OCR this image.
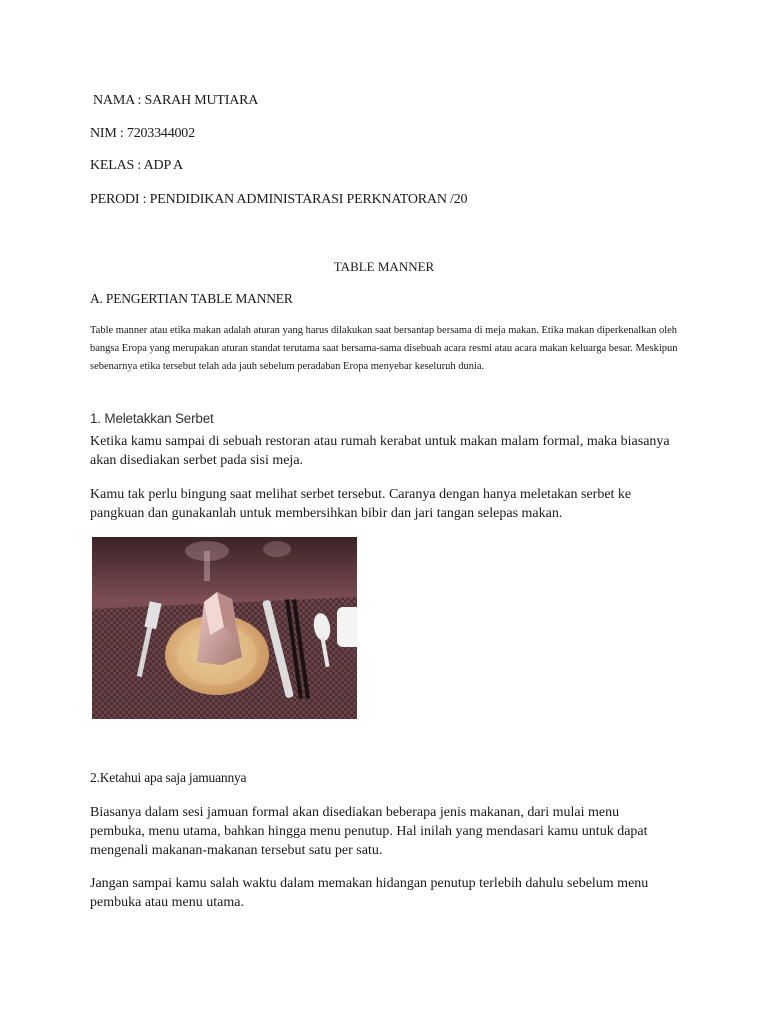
NAMA : SARAH MUTIARA
NIM : 7203344002
KELAS : ADP A
PERODI : PENDIDIKAN ADMINISTARASI PERKNATORAN /20
TABLE MANNER
A. PENGERTIAN TABLE MANNER
Table manner atau etika makan adalah aturan yang harus dilakukan saat bersantap bersama di meja makan. Etika makan diperkenalkan oleh bangsa Eropa yang merupakan aturan standat terutama saat bersama-sama disebuah acara resmi atau acara makan keluarga besar. Meskipun sebenarnya etika tersebut telah ada jauh sebelum peradaban Eropa menyebar keseluruh dunia.
1. Meletakkan Serbet
Ketika kamu sampai di sebuah restoran atau rumah kerabat untuk makan malam formal, maka biasanya akan disediakan serbet pada sisi meja.
Kamu tak perlu bingung saat melihat serbet tersebut. Caranya dengan hanya meletakan serbet ke pangkuan dan gunakanlah untuk membersihkan bibir dan jari tangan selepas makan.
2.Ketahui apa saja jamuannya
Biasanya dalam sesi jamuan formal akan disediakan beberapa jenis makanan, dari mulai menu pembuka, menu utama, bahkan hingga menu penutup. Hal inilah yang mendasari kamu untuk dapat mengenali makanan-makanan tersebut satu per satu.
Jangan sampai kamu salah waktu dalam memakan hidangan penutup terlebih dahulu sebelum menu pembuka atau menu utama.
